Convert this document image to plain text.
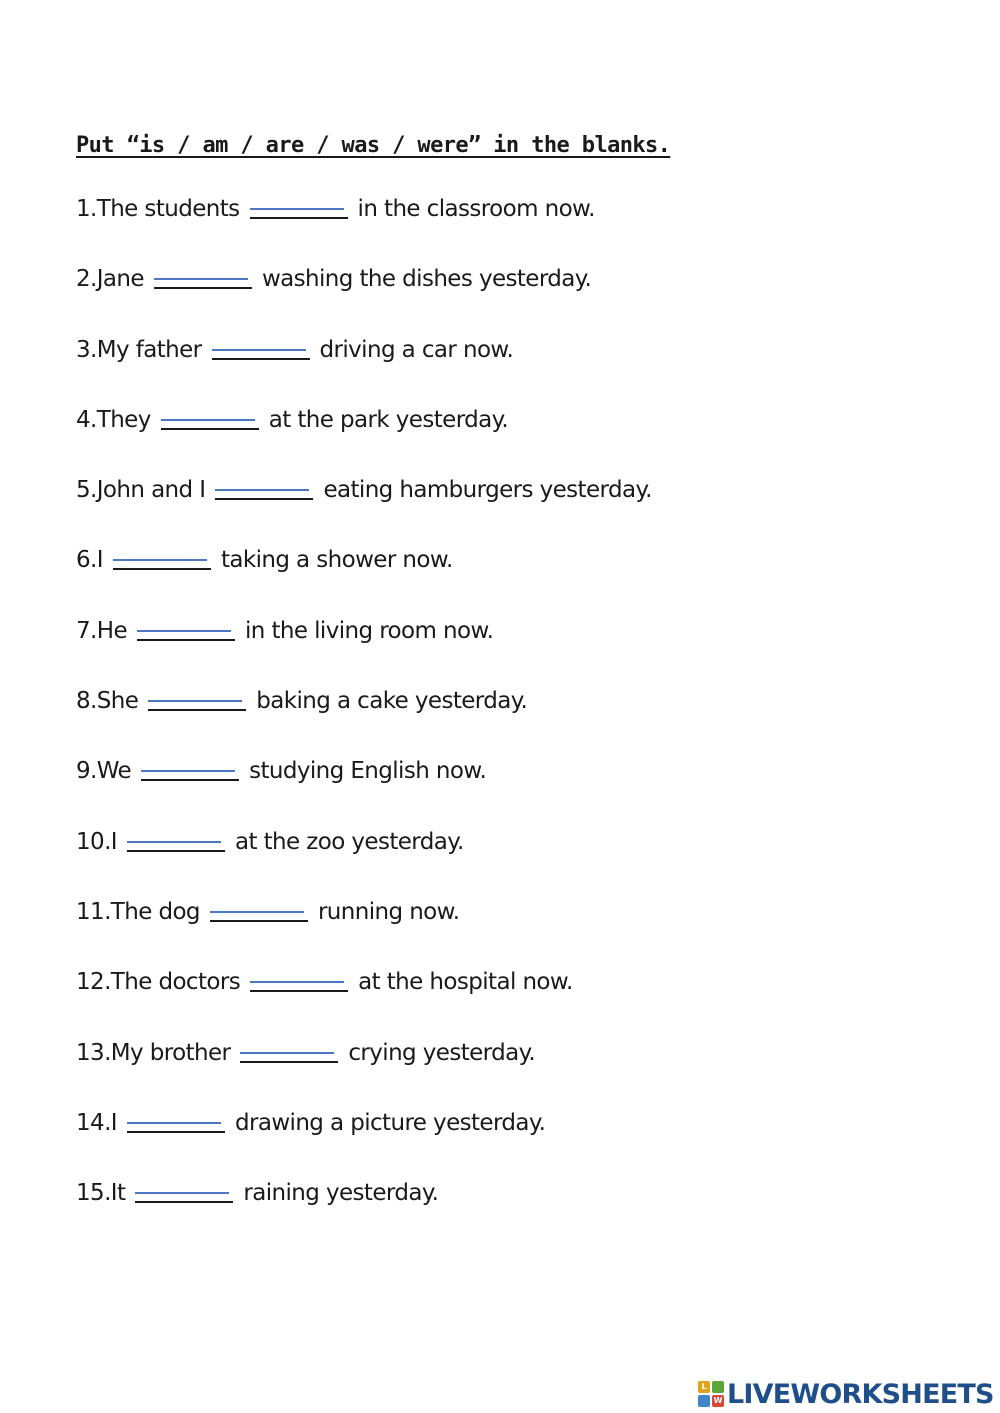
Put “is / am / are / was / were” in the blanks.
1.The students	in the classroom now.
2.Jane	washing the dishes yesterday.
3.My father	driving a car now.
4.They	at the park yesterday.
5.John and I	eating hamburgers yesterday.
6.I	taking a shower now.
7.He	in the living room now.
8.She	baking a cake yesterday.
9.We	studying English now.
10.I	at the zoo yesterday.
11.The dog	running now.
12.The doctors	at the hospital now.
13.My brother	crying yesterday.
14.I	drawing a picture yesterday.
15.It	raining yesterday.
L
W LIVEWORKSHEETS
